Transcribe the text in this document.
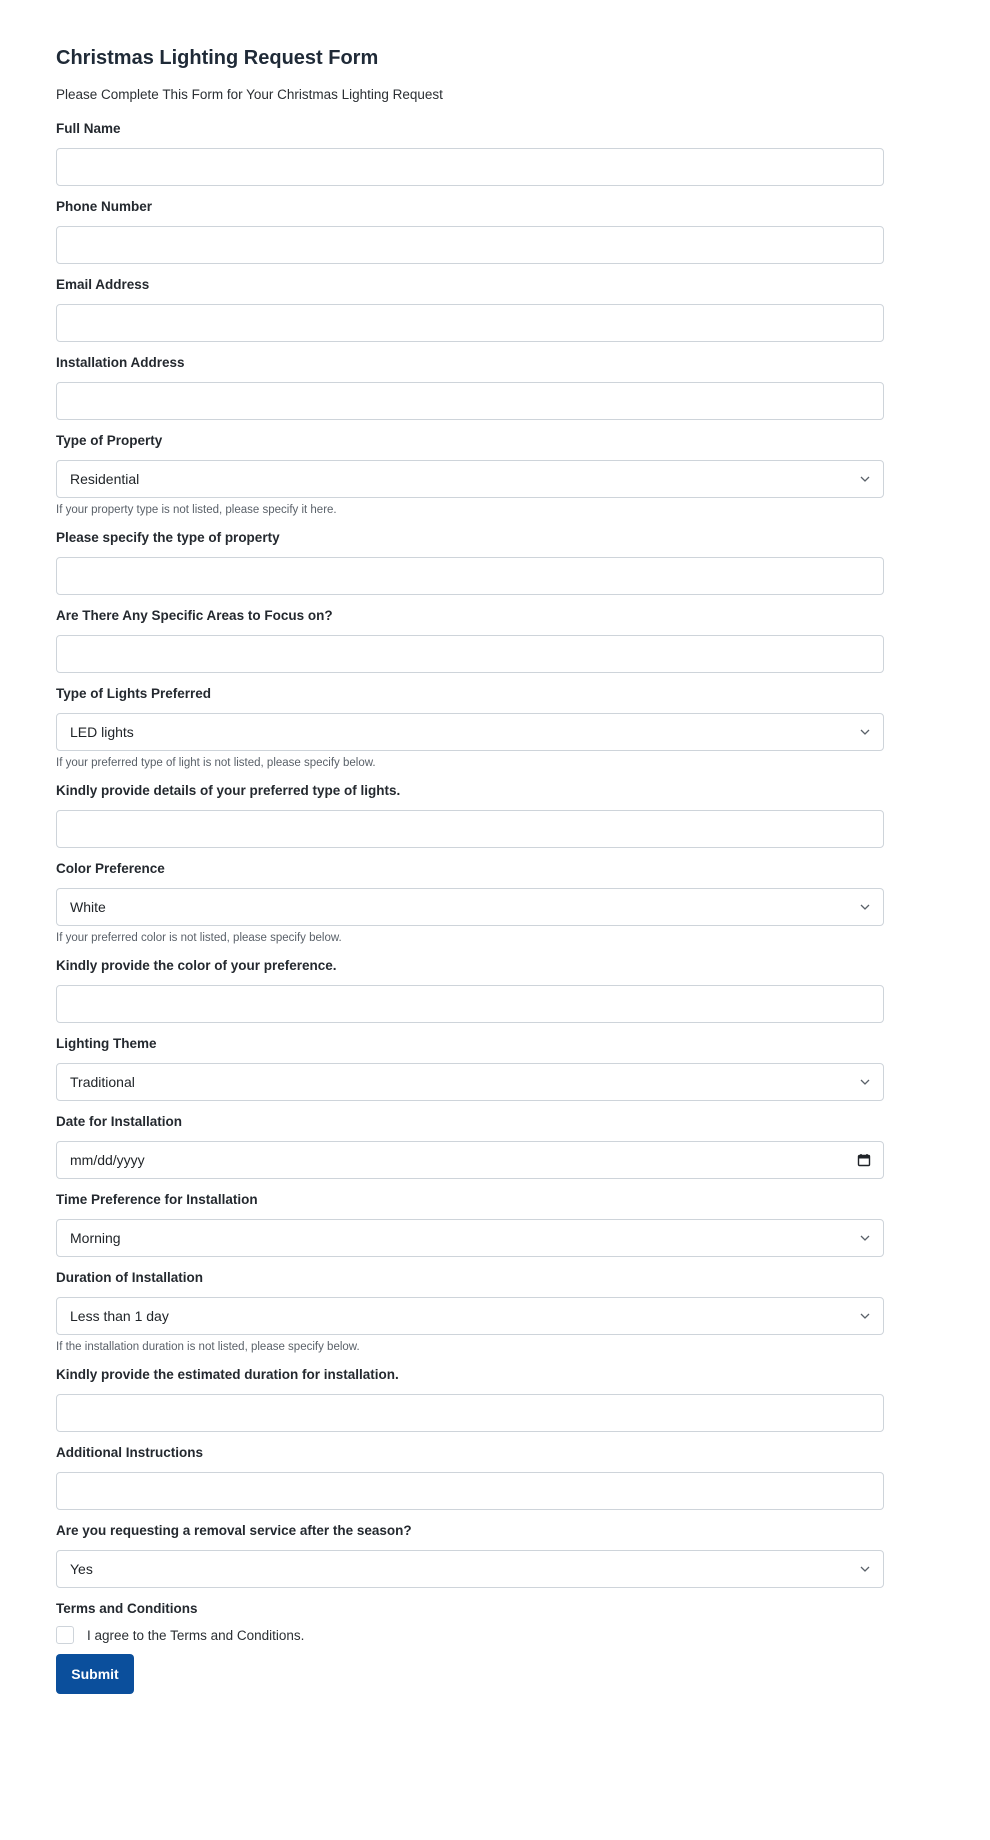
Christmas Lighting Request Form
Please Complete This Form for Your Christmas Lighting Request
Full Name
Phone Number
Email Address
Installation Address
Type of Property
Residential
If your property type is not listed, please specify it here.
Please specify the type of property
Are There Any Specific Areas to Focus on?
Type of Lights Preferred
LED lights
If your preferred type of light is not listed, please specify below.
Kindly provide details of your preferred type of lights.
Color Preference
White
If your preferred color is not listed, please specify below.
Kindly provide the color of your preference.
Lighting Theme
Traditional
Date for Installation
mm/dd/yyyy
Time Preference for Installation
Morning
Duration of Installation
Less than 1 day
If the installation duration is not listed, please specify below.
Kindly provide the estimated duration for installation.
Additional Instructions
Are you requesting a removal service after the season?
Yes
Terms and Conditions
I agree to the Terms and Conditions.
Submit
